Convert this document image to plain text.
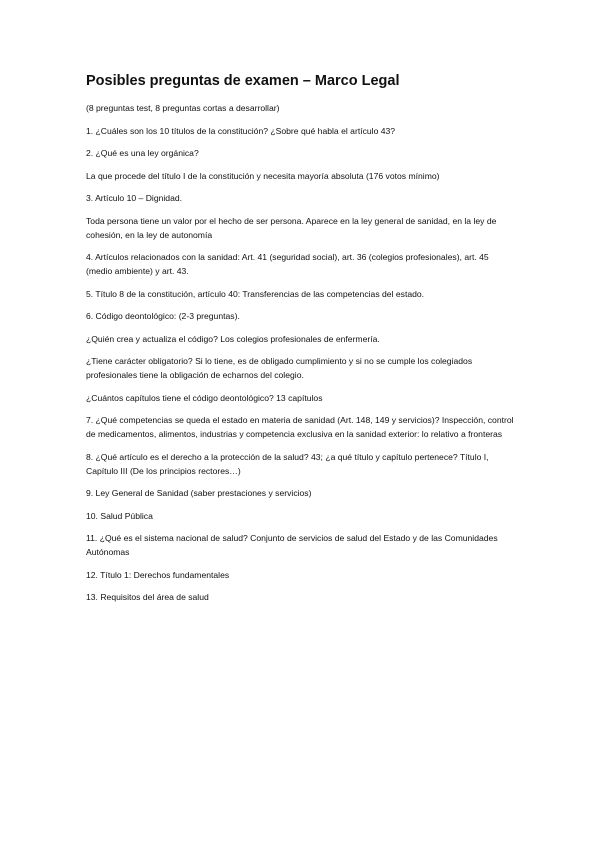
Posibles preguntas de examen – Marco Legal

(8 preguntas test, 8 preguntas cortas a desarrollar)

1. ¿Cuáles son los 10 títulos de la constitución? ¿Sobre qué habla el artículo 43?

2. ¿Qué es una ley orgánica?

La que procede del título I de la constitución y necesita mayoría absoluta (176 votos mínimo)

3. Artículo 10 – Dignidad.

Toda persona tiene un valor por el hecho de ser persona. Aparece en la ley general de sanidad, en la ley de cohesión, en la ley de autonomía

4. Artículos relacionados con la sanidad: Art. 41 (seguridad social), art. 36 (colegios profesionales), art. 45 (medio ambiente) y art. 43.

5. Título 8 de la constitución, artículo 40: Transferencias de las competencias del estado.

6. Código deontológico: (2-3 preguntas).

¿Quién crea y actualiza el código? Los colegios profesionales de enfermería.

¿Tiene carácter obligatorio? Si lo tiene, es de obligado cumplimiento y si no se cumple los colegiados profesionales tiene la obligación de echarnos del colegio.

¿Cuántos capítulos tiene el código deontológico? 13 capítulos

7. ¿Qué competencias se queda el estado en materia de sanidad (Art. 148, 149 y servicios)? Inspección, control de medicamentos, alimentos, industrias y competencia exclusiva en la sanidad exterior: lo relativo a fronteras

8. ¿Qué artículo es el derecho a la protección de la salud? 43; ¿a qué título y capítulo pertenece? Título I, Capítulo III (De los principios rectores…)

9. Ley General de Sanidad (saber prestaciones y servicios)

10. Salud Pública

11. ¿Qué es el sistema nacional de salud? Conjunto de servicios de salud del Estado y de las Comunidades Autónomas

12. Título 1: Derechos fundamentales

13. Requisitos del área de salud
